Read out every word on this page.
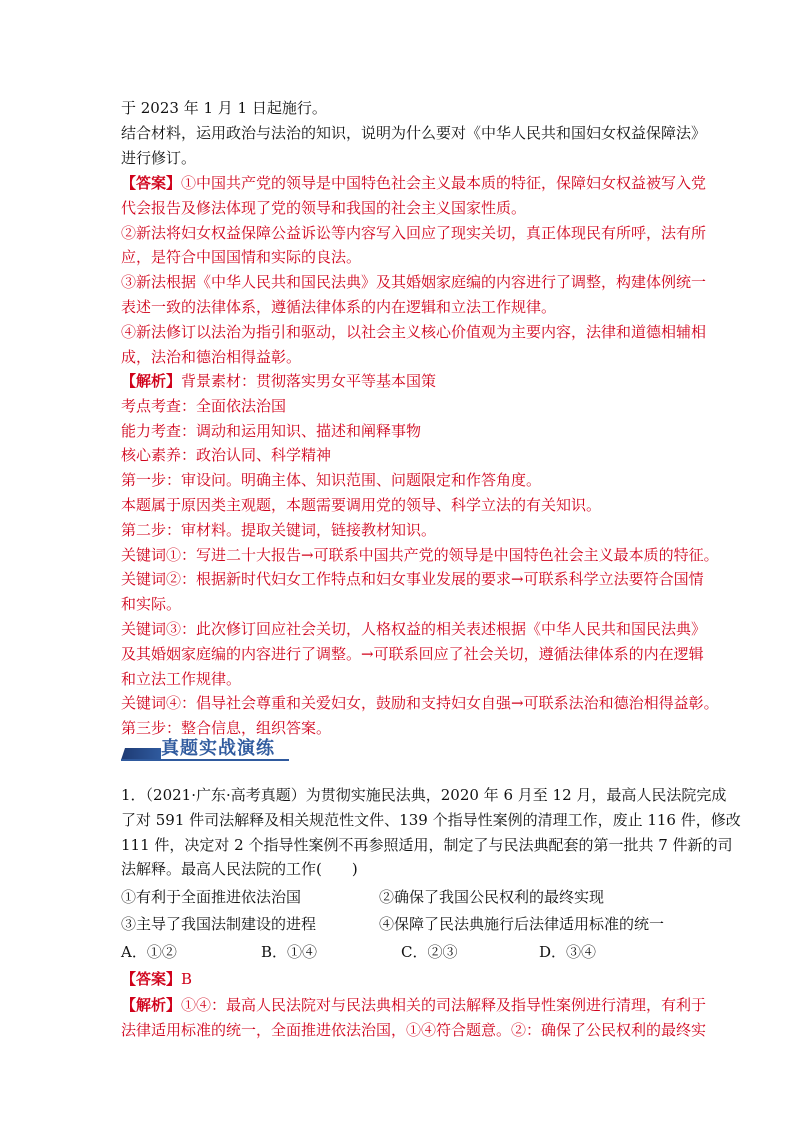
于 2023 年 1 月 1 日起施行。
结合材料，运用政治与法治的知识，说明为什么要对《中华人民共和国妇女权益保障法》
进行修订。
【答案】①中国共产党的领导是中国特色社会主义最本质的特征，保障妇女权益被写入党
代会报告及修法体现了党的领导和我国的社会主义国家性质。
②新法将妇女权益保障公益诉讼等内容写入回应了现实关切，真正体现民有所呼，法有所
应，是符合中国国情和实际的良法。
③新法根据《中华人民共和国民法典》及其婚姻家庭编的内容进行了调整，构建体例统一
表述一致的法律体系，遵循法律体系的内在逻辑和立法工作规律。
④新法修订以法治为指引和驱动，以社会主义核心价值观为主要内容，法律和道德相辅相
成，法治和德治相得益彰。
【解析】背景素材：贯彻落实男女平等基本国策
考点考查：全面依法治国
能力考查：调动和运用知识、描述和阐释事物
核心素养：政治认同、科学精神
第一步：审设问。明确主体、知识范围、问题限定和作答角度。
本题属于原因类主观题，本题需要调用党的领导、科学立法的有关知识。
第二步：审材料。提取关键词，链接教材知识。
关键词①：写进二十大报告→可联系中国共产党的领导是中国特色社会主义最本质的特征。
关键词②：根据新时代妇女工作特点和妇女事业发展的要求→可联系科学立法要符合国情
和实际。
关键词③：此次修订回应社会关切，人格权益的相关表述根据《中华人民共和国民法典》
及其婚姻家庭编的内容进行了调整。→可联系回应了社会关切，遵循法律体系的内在逻辑
和立法工作规律。
关键词④：倡导社会尊重和关爱妇女，鼓励和支持妇女自强→可联系法治和德治相得益彰。
第三步：整合信息，组织答案。
真题实战演练
1．（2021·广东·高考真题）为贯彻实施民法典，2020 年 6 月至 12 月，最高人民法院完成
了对 591 件司法解释及相关规范性文件、139 个指导性案例的清理工作，废止 116 件，修改
111 件，决定对 2 个指导性案例不再参照适用，制定了与民法典配套的第一批共 7 件新的司
法解释。最高人民法院的工作(　　)
①有利于全面推进依法治国	②确保了我国公民权利的最终实现
③主导了我国法制建设的进程	④保障了民法典施行后法律适用标准的统一
A．①②	B．①④	C．②③	D．③④
【答案】B
【解析】①④：最高人民法院对与民法典相关的司法解释及指导性案例进行清理，有利于
法律适用标准的统一，全面推进依法治国，①④符合题意。②：确保了公民权利的最终实
